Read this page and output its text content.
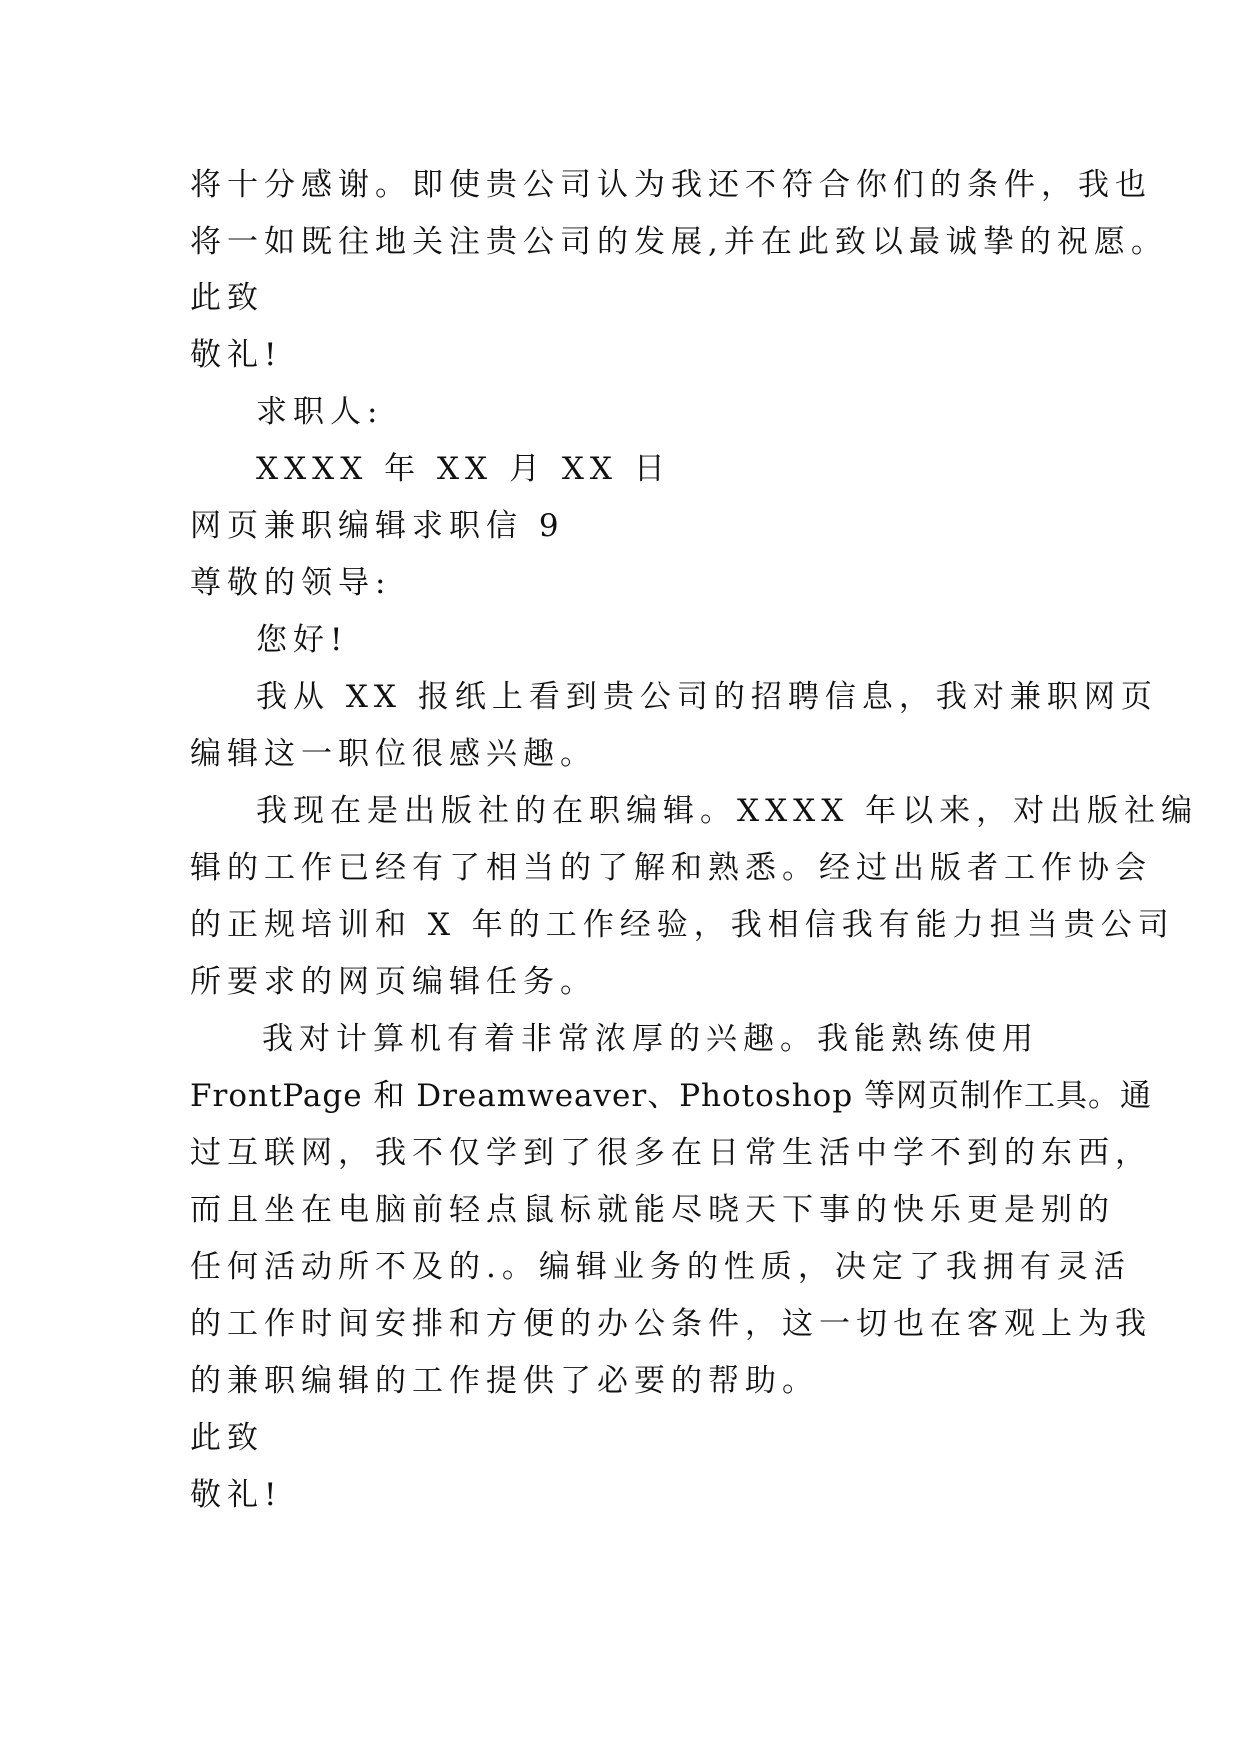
将十分感谢。即使贵公司认为我还不符合你们的条件，我也
将一如既往地关注贵公司的发展,并在此致以最诚挚的祝愿。
此致
敬礼!
求职人:
XXXX 年 XX 月 XX 日
网页兼职编辑求职信 9
尊敬的领导:
您好!
我从 XX 报纸上看到贵公司的招聘信息，我对兼职网页
编辑这一职位很感兴趣。
我现在是出版社的在职编辑。XXXX 年以来，对出版社编
辑的工作已经有了相当的了解和熟悉。经过出版者工作协会
的正规培训和 X 年的工作经验，我相信我有能力担当贵公司
所要求的网页编辑任务。
我对计算机有着非常浓厚的兴趣。我能熟练使用
FrontPage 和 Dreamweaver、Photoshop 等网页制作工具。通
过互联网，我不仅学到了很多在日常生活中学不到的东西，
而且坐在电脑前轻点鼠标就能尽晓天下事的快乐更是别的
任何活动所不及的.。编辑业务的性质，决定了我拥有灵活
的工作时间安排和方便的办公条件，这一切也在客观上为我
的兼职编辑的工作提供了必要的帮助。
此致
敬礼!
